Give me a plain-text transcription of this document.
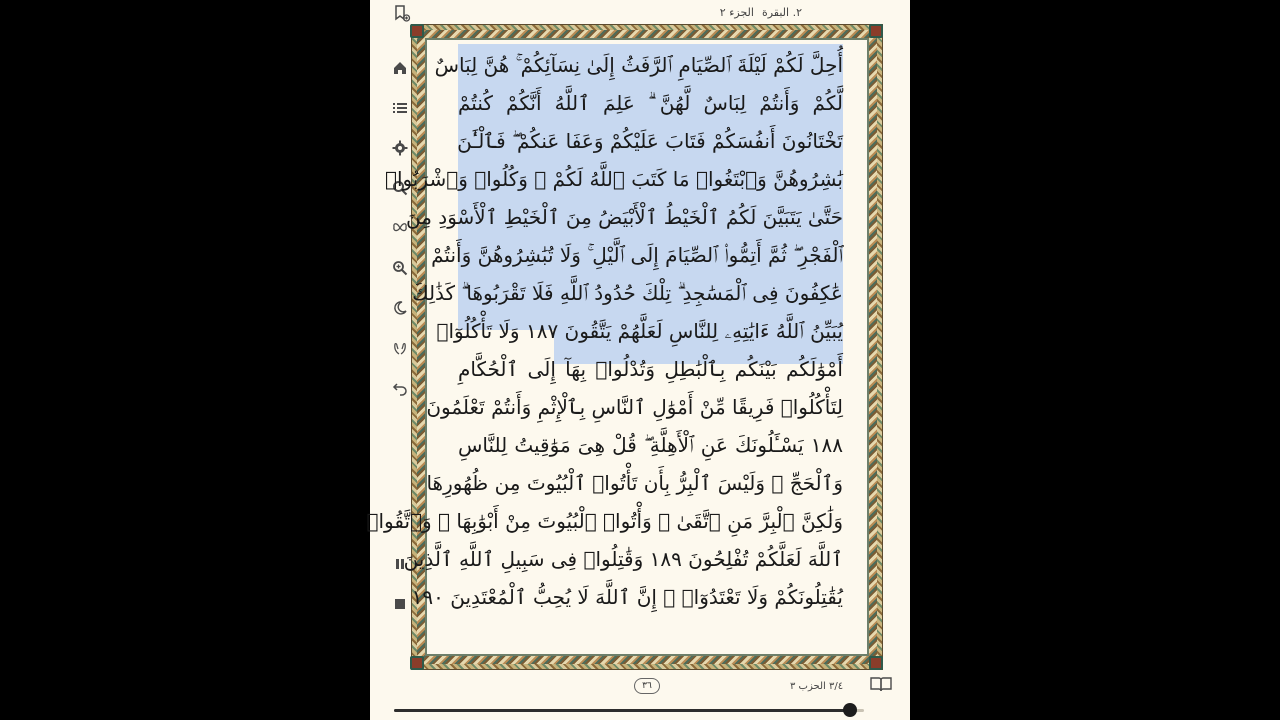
٢. البقرةالجزء ٢
أُحِلَّ لَكُمْ لَيْلَةَ ٱلصِّيَامِ ٱلرَّفَثُ إِلَىٰ نِسَآئِكُمْ ۚ هُنَّ لِبَاسٌ
لَّكُمْ وَأَنتُمْ لِبَاسٌ لَّهُنَّ ۗ عَلِمَ ٱللَّهُ أَنَّكُمْ كُنتُمْ
تَخْتَانُونَ أَنفُسَكُمْ فَتَابَ عَلَيْكُمْ وَعَفَا عَنكُمْ ۖ فَٱلْـَٰٔنَ
بَٰشِرُوهُنَّ وَٱبْتَغُوا۟ مَا كَتَبَ ٱللَّهُ لَكُمْ ۚ وَكُلُوا۟ وَٱشْرَبُوا۟
حَتَّىٰ يَتَبَيَّنَ لَكُمُ ٱلْخَيْطُ ٱلْأَبْيَضُ مِنَ ٱلْخَيْطِ ٱلْأَسْوَدِ مِنَ
ٱلْفَجْرِ ۖ ثُمَّ أَتِمُّوا۟ ٱلصِّيَامَ إِلَى ٱلَّيْلِ ۚ وَلَا تُبَٰشِرُوهُنَّ وَأَنتُمْ
عَٰكِفُونَ فِى ٱلْمَسَٰجِدِ ۗ تِلْكَ حُدُودُ ٱللَّهِ فَلَا تَقْرَبُوهَا ۗ كَذَٰلِكَ
يُبَيِّنُ ٱللَّهُ ءَايَٰتِهِۦ لِلنَّاسِ لَعَلَّهُمْ يَتَّقُونَ ١٨٧ وَلَا تَأْكُلُوٓا۟
أَمْوَٰلَكُم بَيْنَكُم بِٱلْبَٰطِلِ وَتُدْلُوا۟ بِهَآ إِلَى ٱلْحُكَّامِ
لِتَأْكُلُوا۟ فَرِيقًا مِّنْ أَمْوَٰلِ ٱلنَّاسِ بِٱلْإِثْمِ وَأَنتُمْ تَعْلَمُونَ
١٨٨ يَسْـَٔلُونَكَ عَنِ ٱلْأَهِلَّةِ ۖ قُلْ هِىَ مَوَٰقِيتُ لِلنَّاسِ
وَٱلْحَجِّ ۗ وَلَيْسَ ٱلْبِرُّ بِأَن تَأْتُوا۟ ٱلْبُيُوتَ مِن ظُهُورِهَا
وَلَٰكِنَّ ٱلْبِرَّ مَنِ ٱتَّقَىٰ ۗ وَأْتُوا۟ ٱلْبُيُوتَ مِنْ أَبْوَٰبِهَا ۚ وَٱتَّقُوا۟
ٱللَّهَ لَعَلَّكُمْ تُفْلِحُونَ ١٨٩ وَقَٰتِلُوا۟ فِى سَبِيلِ ٱللَّهِ ٱلَّذِينَ
يُقَٰتِلُونَكُمْ وَلَا تَعْتَدُوٓا۟ ۚ إِنَّ ٱللَّهَ لَا يُحِبُّ ٱلْمُعْتَدِينَ ١٩٠
٣٦	٣/٤ الحزب ٣
